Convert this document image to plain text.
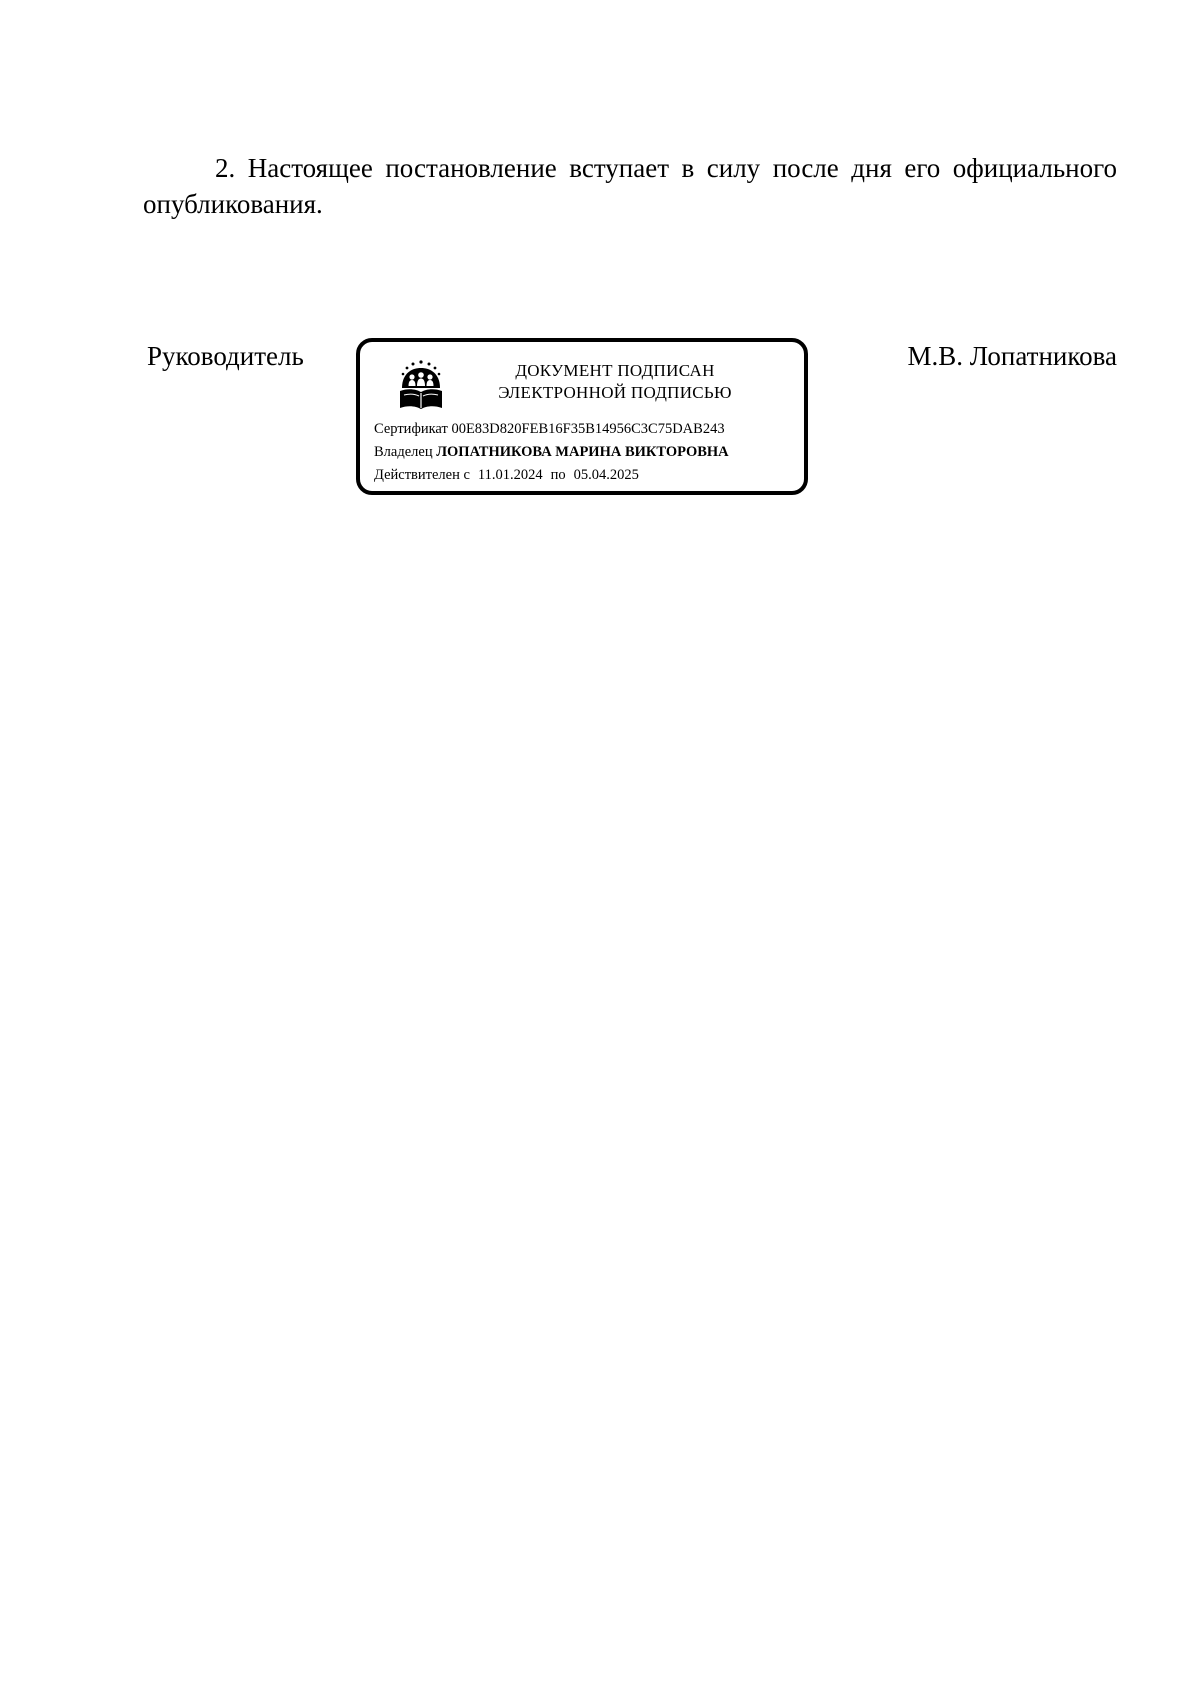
2. Настоящее постановление вступает в силу после дня его официального опубликования.

Руководитель	ДОКУМЕНТ ПОДПИСАН
ЭЛЕКТРОННОЙ ПОДПИСЬЮ
Сертификат 00E83D820FEB16F35B14956C3C75DAB243
Владелец ЛОПАТНИКОВА МАРИНА ВИКТОРОВНА
Действителен с 11.01.2024 по 05.04.2025
М.В. Лопатникова
